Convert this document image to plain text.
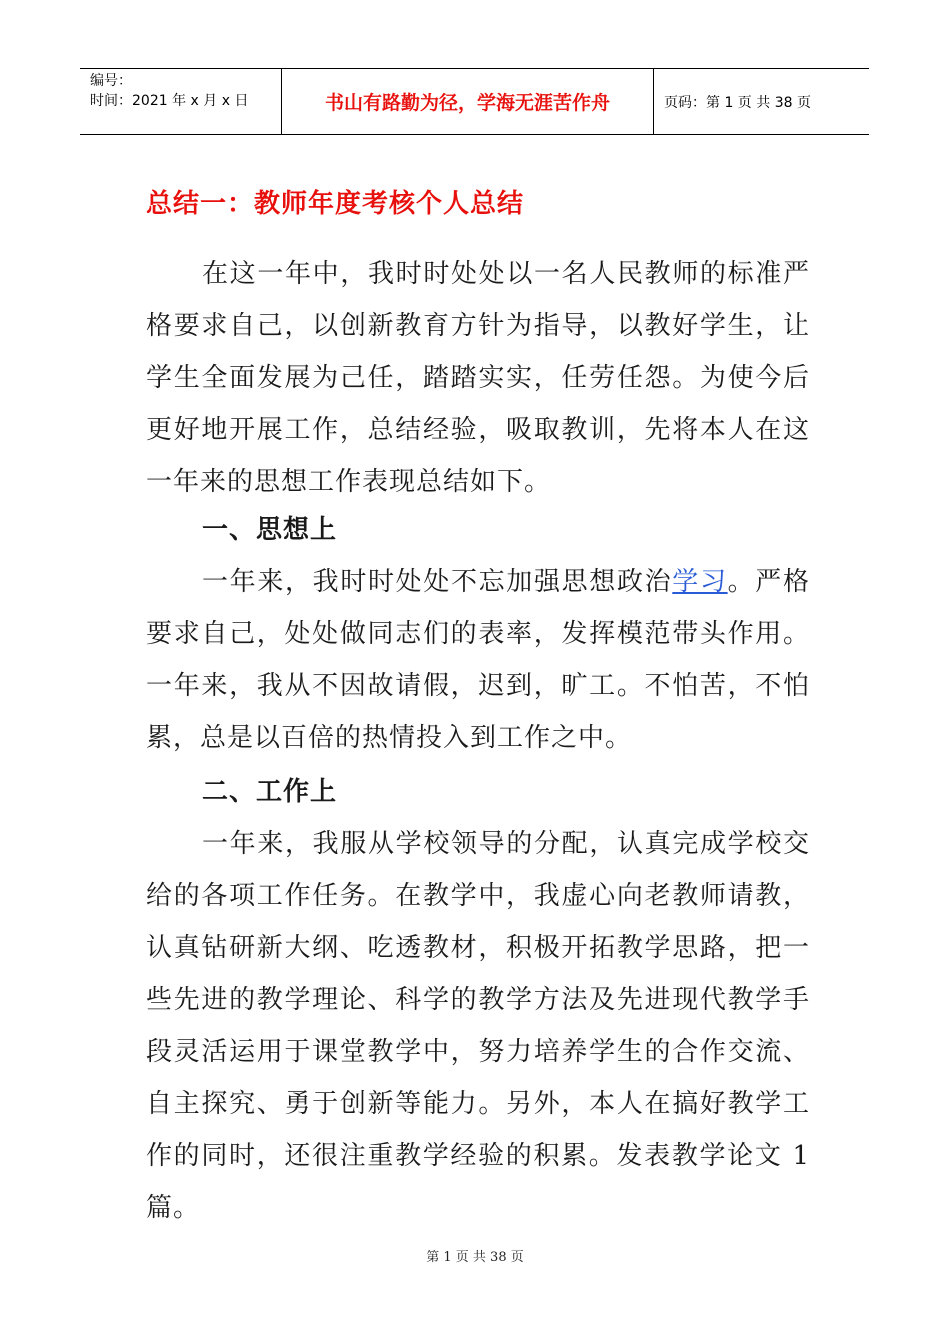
编号：
时间：2021 年 x 月 x 日	书山有路勤为径，学海无涯苦作舟	页码：第 1 页 共 38 页
总结一：教师年度考核个人总结

在这一年中，我时时处处以一名人民教师的标准严格要求自己，以创新教育方针为指导，以教好学生，让学生全面发展为己任，踏踏实实，任劳任怨。为使今后更好地开展工作，总结经验，吸取教训，先将本人在这一年来的思想工作表现总结如下。

一、思想上

一年来，我时时处处不忘加强思想政治学习。严格要求自己，处处做同志们的表率，发挥模范带头作用。一年来，我从不因故请假，迟到，旷工。不怕苦，不怕累，总是以百倍的热情投入到工作之中。

二、工作上

一年来，我服从学校领导的分配，认真完成学校交给的各项工作任务。在教学中，我虚心向老教师请教，认真钻研新大纲、吃透教材，积极开拓教学思路，把一些先进的教学理论、科学的教学方法及先进现代教学手段灵活运用于课堂教学中，努力培养学生的合作交流、自主探究、勇于创新等能力。另外，本人在搞好教学工作的同时，还很注重教学经验的积累。发表教学论文 1 篇。

第 1 页 共 38 页
